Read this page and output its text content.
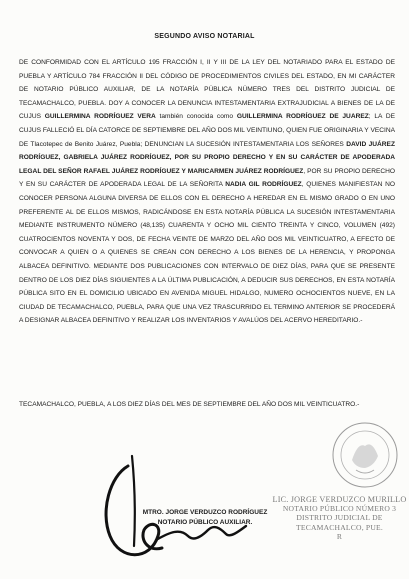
SEGUNDO AVISO NOTARIAL
DE CONFORMIDAD CON EL ARTÍCULO 195 FRACCIÓN I, II Y III DE LA LEY DEL NOTARIADO PARA EL ESTADO DE PUEBLA Y ARTÍCULO 784 FRACCIÓN II DEL CÓDIGO DE PROCEDIMIENTOS CIVILES DEL ESTADO, EN MI CARÁCTER DE NOTARIO PÚBLICO AUXILIAR, DE LA NOTARÍA PÚBLICA NÚMERO TRES DEL DISTRITO JUDICIAL DE TECAMACHALCO, PUEBLA. DOY A CONOCER LA DENUNCIA INTESTAMENTARIA EXTRAJUDICIAL A BIENES DE LA DE CUJUS GUILLERMINA RODRÍGUEZ VERA también conocida como GUILLERMINA RODRÍGUEZ DE JUAREZ; LA DE CUJUS FALLECIÓ EL DÍA CATORCE DE SEPTIEMBRE DEL AÑO DOS MIL VEINTIUNO, QUIEN FUE ORIGINARIA Y VECINA DE Tlacotepec de Benito Juárez, Puebla; DENUNCIAN LA SUCESIÓN INTESTAMENTARIA LOS SEÑORES DAVID JUÁREZ RODRÍGUEZ, GABRIELA JUÁREZ RODRÍGUEZ, POR SU PROPIO DERECHO Y EN SU CARÁCTER DE APODERADA LEGAL DEL SEÑOR RAFAEL JUÁREZ RODRÍGUEZ Y MARICARMEN JUÁREZ RODRÍGUEZ, POR SU PROPIO DERECHO Y EN SU CARÁCTER DE APODERADA LEGAL DE LA SEÑORITA NADIA GIL RODRÍGUEZ, QUIENES MANIFIESTAN NO CONOCER PERSONA ALGUNA DIVERSA DE ELLOS CON EL DERECHO A HEREDAR EN EL MISMO GRADO O EN UNO PREFERENTE AL DE ELLOS MISMOS, RADICÁNDOSE EN ESTA NOTARÍA PÚBLICA LA SUCESIÓN INTESTAMENTARIA MEDIANTE INSTRUMENTO NÚMERO (48,135) CUARENTA Y OCHO MIL CIENTO TREINTA Y CINCO, VOLUMEN (492) CUATROCIENTOS NOVENTA Y DOS, DE FECHA VEINTE DE MARZO DEL AÑO DOS MIL VEINTICUATRO, A EFECTO DE CONVOCAR A QUIEN O A QUIENES SE CREAN CON DERECHO A LOS BIENES DE LA HERENCIA, Y PROPONGA ALBACEA DEFINITIVO. MEDIANTE DOS PUBLICACIONES CON INTERVALO DE DIEZ DÍAS, PARA QUE SE PRESENTE DENTRO DE LOS DIEZ DÍAS SIGUIENTES A LA ÚLTIMA PUBLICACIÓN, A DEDUCIR SUS DERECHOS, EN ESTA NOTARÍA PÚBLICA SITO EN EL DOMICILIO UBICADO EN AVENIDA MIGUEL HIDALGO, NUMERO OCHOCIENTOS NUEVE, EN LA CIUDAD DE TECAMACHALCO, PUEBLA, PARA QUE UNA VEZ TRASCURRIDO EL TERMINO ANTERIOR SE PROCEDERÁ A DESIGNAR ALBACEA DEFINITIVO Y REALIZAR LOS INVENTARIOS Y AVALÚOS DEL ACERVO HEREDITARIO.-
TECAMACHALCO, PUEBLA, A LOS DIEZ DÍAS DEL MES DE SEPTIEMBRE DEL AÑO DOS MIL VEINTICUATRO.-
LIC. JORGE VERDUZCO MURILLO
NOTARIO PÚBLICO NÚMERO 3
DISTRITO JUDICIAL DE
TECAMACHALCO, PUE.
R
MTRO. JORGE VERDUZCO RODRÍGUEZ
NOTARIO PÚBLICO AUXILIAR.
